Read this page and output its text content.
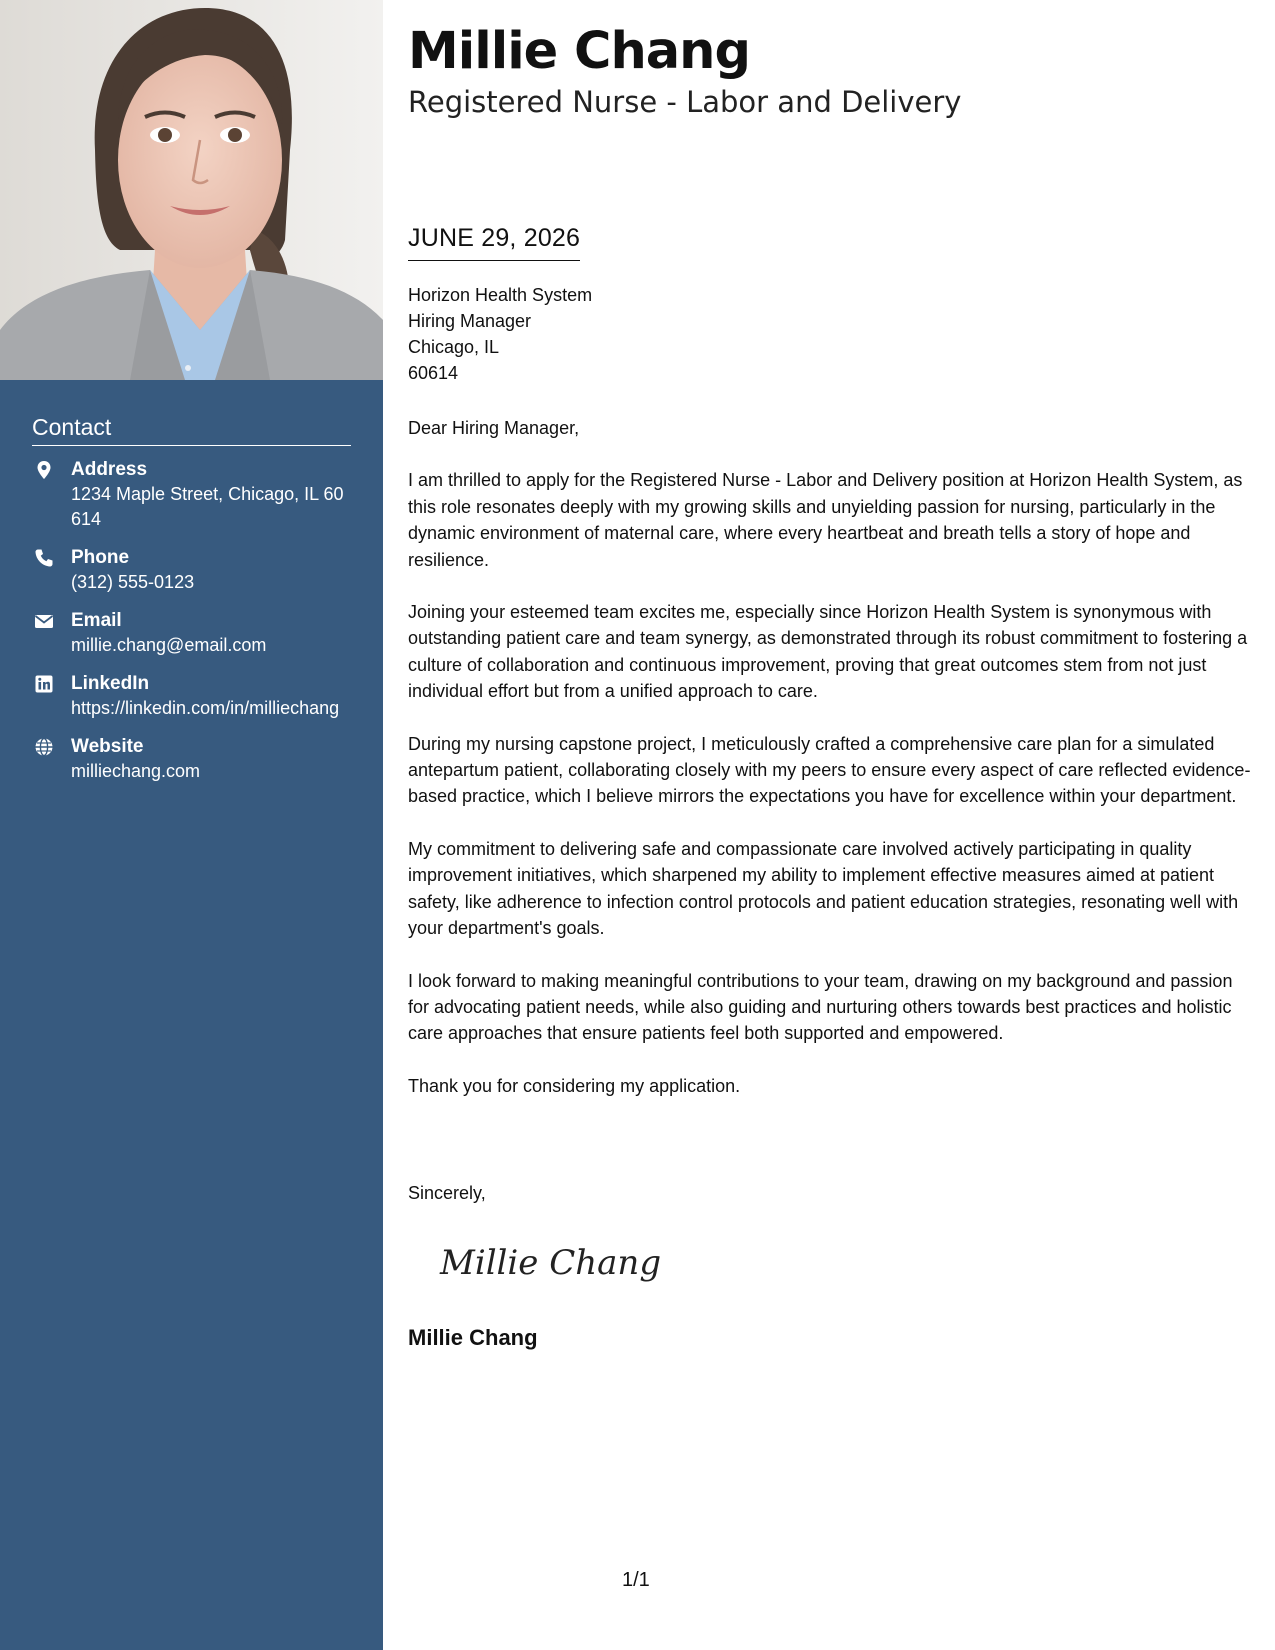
Contact
Address
1234 Maple Street, Chicago, IL 60614
Phone
(312) 555-0123
Email
millie.chang@email.com
LinkedIn
https://linkedin.com/in/milliechang
Website
milliechang.com
Millie Chang
Registered Nurse - Labor and Delivery
JUNE 29, 2026
Horizon Health System
Hiring Manager
Chicago, IL
60614

Dear Hiring Manager,

I am thrilled to apply for the Registered Nurse - Labor and Delivery position at Horizon Health System, as this role resonates deeply with my growing skills and unyielding passion for nursing, particularly in the dynamic environment of maternal care, where every heartbeat and breath tells a story of hope and resilience.

Joining your esteemed team excites me, especially since Horizon Health System is synonymous with outstanding patient care and team synergy, as demonstrated through its robust commitment to fostering a culture of collaboration and continuous improvement, proving that great outcomes stem from not just individual effort but from a unified approach to care.

During my nursing capstone project, I meticulously crafted a comprehensive care plan for a simulated antepartum patient, collaborating closely with my peers to ensure every aspect of care reflected evidence-based practice, which I believe mirrors the expectations you have for excellence within your department.

My commitment to delivering safe and compassionate care involved actively participating in quality improvement initiatives, which sharpened my ability to implement effective measures aimed at patient safety, like adherence to infection control protocols and patient education strategies, resonating well with your department's goals.

I look forward to making meaningful contributions to your team, drawing on my background and passion for advocating patient needs, while also guiding and nurturing others towards best practices and holistic care approaches that ensure patients feel both supported and empowered.

Thank you for considering my application.

Sincerely,
Millie Chang
Millie Chang
1/1
